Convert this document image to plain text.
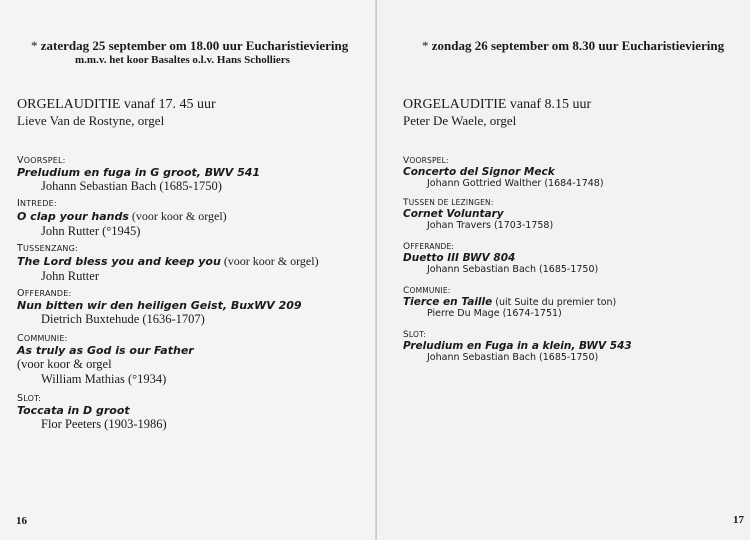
* zaterdag 25 september om 18.00 uur Eucharistieviering
m.m.v. het koor Basaltes o.l.v. Hans Scholliers
ORGELAUDITIE vanaf 17. 45 uur
Lieve Van de Rostyne, orgel

VOORSPEL:

Preludium en fuga in G groot, BWV 541

Johann Sebastian Bach (1685-1750)

INTREDE:

O clap your hands (voor koor & orgel)

John Rutter (°1945)

TUSSENZANG:

The Lord bless you and keep you (voor koor & orgel)

John Rutter

OFFERANDE:

Nun bitten wir den heiligen Geist, BuxWV 209

Dietrich Buxtehude (1636-1707)

COMMUNIE:

As truly as God is our Father

(voor koor & orgel

William Mathias (°1934)

SLOT:

Toccata in D groot

Flor Peeters (1903-1986)

16
* zondag 26 september om 8.30 uur Eucharistieviering
ORGELAUDITIE vanaf 8.15 uur
Peter De Waele, orgel

VOORSPEL:

Concerto del Signor Meck

Johann Gottried Walther (1684-1748)

TUSSEN DE LEZINGEN:

Cornet Voluntary

Johan Travers (1703-1758)

OFFERANDE:

Duetto III BWV 804

Johann Sebastian Bach (1685-1750)

COMMUNIE:

Tierce en Taille (uit Suite du premier ton)

Pierre Du Mage (1674-1751)

SLOT:

Preludium en Fuga in a klein, BWV 543

Johann Sebastian Bach (1685-1750)

17
